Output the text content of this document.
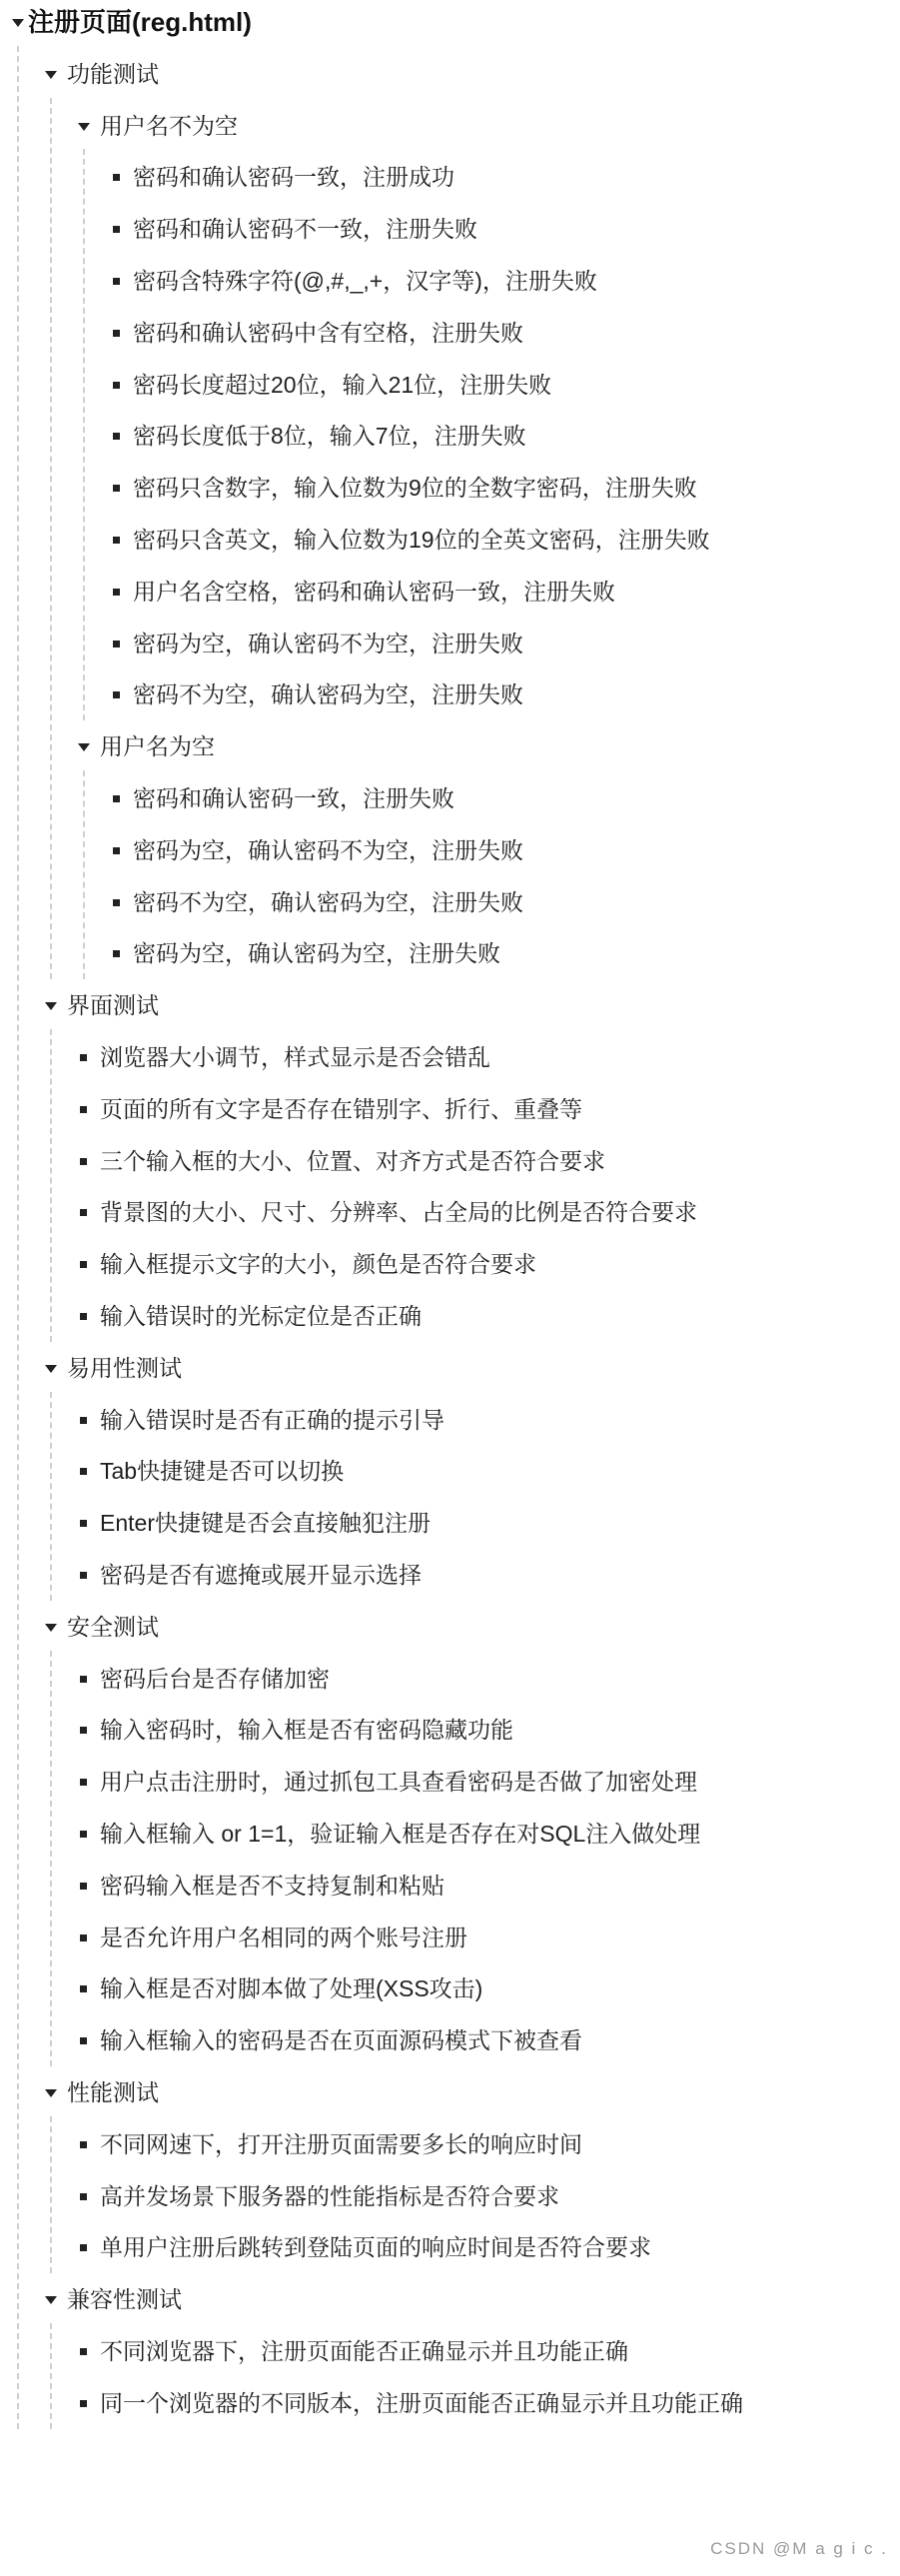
注册页面(reg.html)
功能测试
用户名不为空
密码和确认密码一致，注册成功
密码和确认密码不一致，注册失败
密码含特殊字符(@,#,_,+，汉字等)，注册失败
密码和确认密码中含有空格，注册失败
密码长度超过20位，输入21位，注册失败
密码长度低于8位，输入7位，注册失败
密码只含数字，输入位数为9位的全数字密码，注册失败
密码只含英文，输入位数为19位的全英文密码，注册失败
用户名含空格，密码和确认密码一致，注册失败
密码为空，确认密码不为空，注册失败
密码不为空，确认密码为空，注册失败
用户名为空
密码和确认密码一致，注册失败
密码为空，确认密码不为空，注册失败
密码不为空，确认密码为空，注册失败
密码为空，确认密码为空，注册失败
界面测试
浏览器大小调节，样式显示是否会错乱
页面的所有文字是否存在错别字、折行、重叠等
三个输入框的大小、位置、对齐方式是否符合要求
背景图的大小、尺寸、分辨率、占全局的比例是否符合要求
输入框提示文字的大小，颜色是否符合要求
输入错误时的光标定位是否正确
易用性测试
输入错误时是否有正确的提示引导
Tab快捷键是否可以切换
Enter快捷键是否会直接触犯注册
密码是否有遮掩或展开显示选择
安全测试
密码后台是否存储加密
输入密码时，输入框是否有密码隐藏功能
用户点击注册时，通过抓包工具查看密码是否做了加密处理
输入框输入 or 1=1，验证输入框是否存在对SQL注入做处理
密码输入框是否不支持复制和粘贴
是否允许用户名相同的两个账号注册
输入框是否对脚本做了处理(XSS攻击)
输入框输入的密码是否在页面源码模式下被查看
性能测试
不同网速下，打开注册页面需要多长的响应时间
高并发场景下服务器的性能指标是否符合要求
单用户注册后跳转到登陆页面的响应时间是否符合要求
兼容性测试
不同浏览器下，注册页面能否正确显示并且功能正确
同一个浏览器的不同版本，注册页面能否正确显示并且功能正确
CSDN @M a g i c .
